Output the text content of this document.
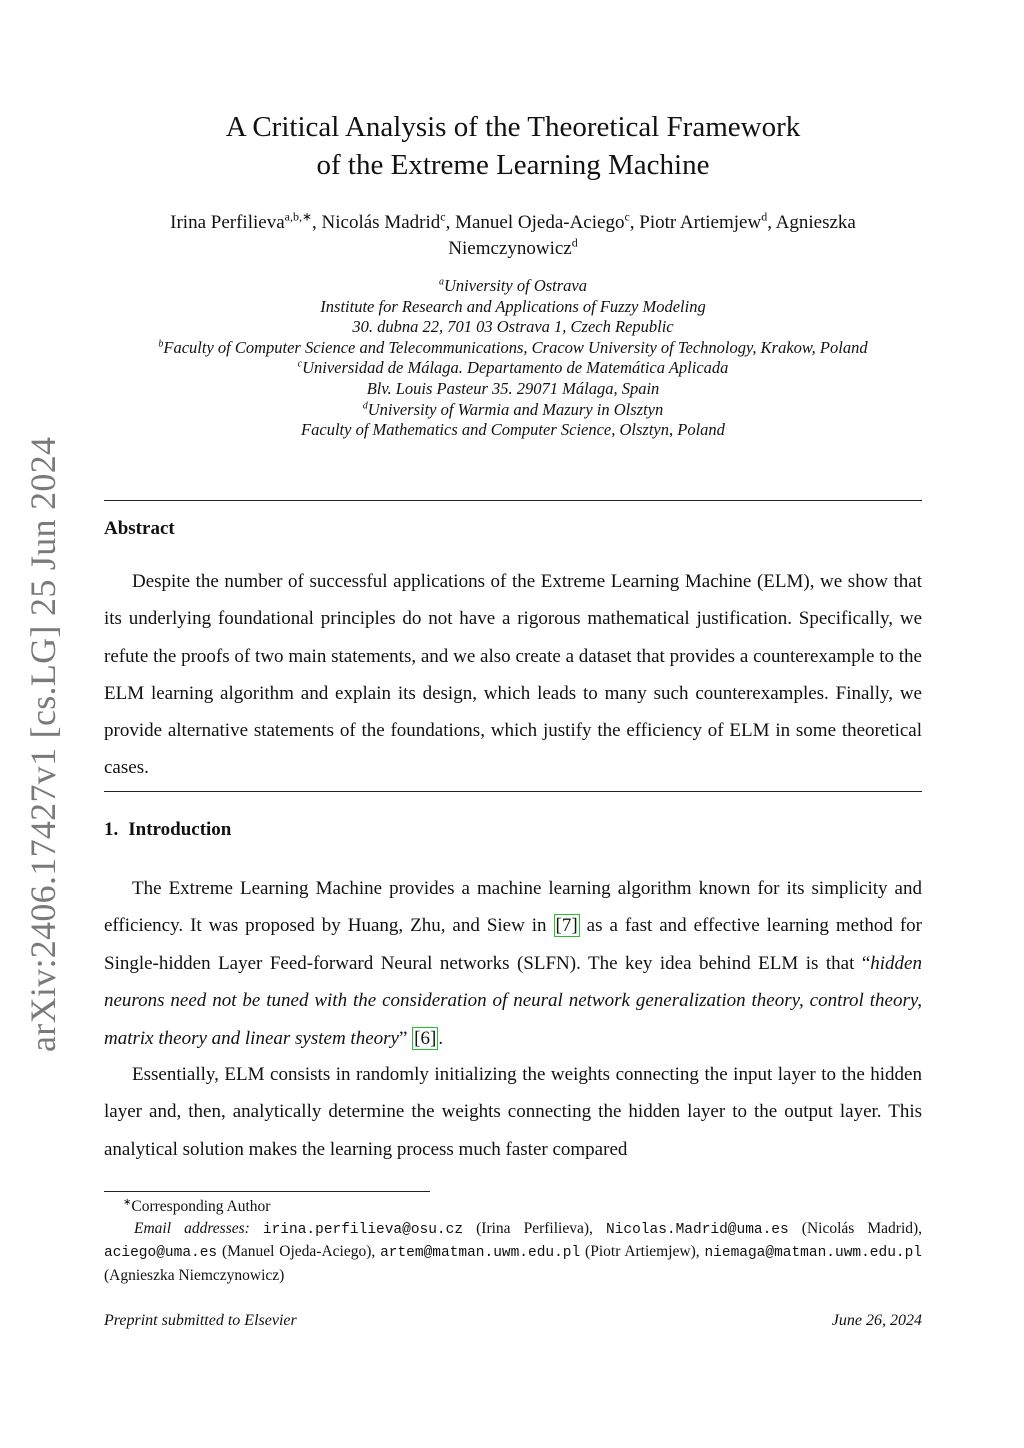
arXiv:2406.17427v1 [cs.LG] 25 Jun 2024
A Critical Analysis of the Theoretical Framework
of the Extreme Learning Machine
Irina Perfilieva$^{a,b,∗}$, Nicolás Madrid$^c$, Manuel Ojeda-Aciego$^c$, Piotr Artiemjew$^d$, Agnieszka Niemczynowicz$^d$
$^a$University of Ostrava
Institute for Research and Applications of Fuzzy Modeling
30. dubna 22, 701 03 Ostrava 1, Czech Republic
$^b$Faculty of Computer Science and Telecommunications, Cracow University of Technology, Krakow, Poland
$^c$Universidad de Málaga. Departamento de Matemática Aplicada
Blv. Louis Pasteur 35. 29071 Málaga, Spain
$^d$University of Warmia and Mazury in Olsztyn
Faculty of Mathematics and Computer Science, Olsztyn, Poland
Abstract
Despite the number of successful applications of the Extreme Learning Machine (ELM), we show that its underlying foundational principles do not have a rigorous mathematical justification. Specifically, we refute the proofs of two main statements, and we also create a dataset that provides a counterexample to the ELM learning algorithm and explain its design, which leads to many such counterexamples. Finally, we provide alternative statements of the foundations, which justify the efficiency of ELM in some theoretical cases.
1. Introduction
The Extreme Learning Machine provides a machine learning algorithm known for its simplicity and efficiency. It was proposed by Huang, Zhu, and Siew in [7] as a fast and effective learning method for Single-hidden Layer Feed-forward Neural networks (SLFN). The key idea behind ELM is that “hidden neurons need not be tuned with the consideration of neural network generalization theory, control theory, matrix theory and linear system theory” [6] .
Essentially, ELM consists in randomly initializing the weights connecting the input layer to the hidden layer and, then, analytically determine the weights connecting the hidden layer to the output layer. This analytical solution makes the learning process much faster compared
∗Corresponding Author
Email addresses: irina.perfilieva@osu.cz (Irina Perfilieva), Nicolas.Madrid@uma.es (Nicolás Madrid), aciego@uma.es (Manuel Ojeda-Aciego), artem@matman.uwm.edu.pl (Piotr Artiemjew), niemaga@matman.uwm.edu.pl (Agnieszka Niemczynowicz)
Preprint submitted to Elsevier	June 26, 2024
